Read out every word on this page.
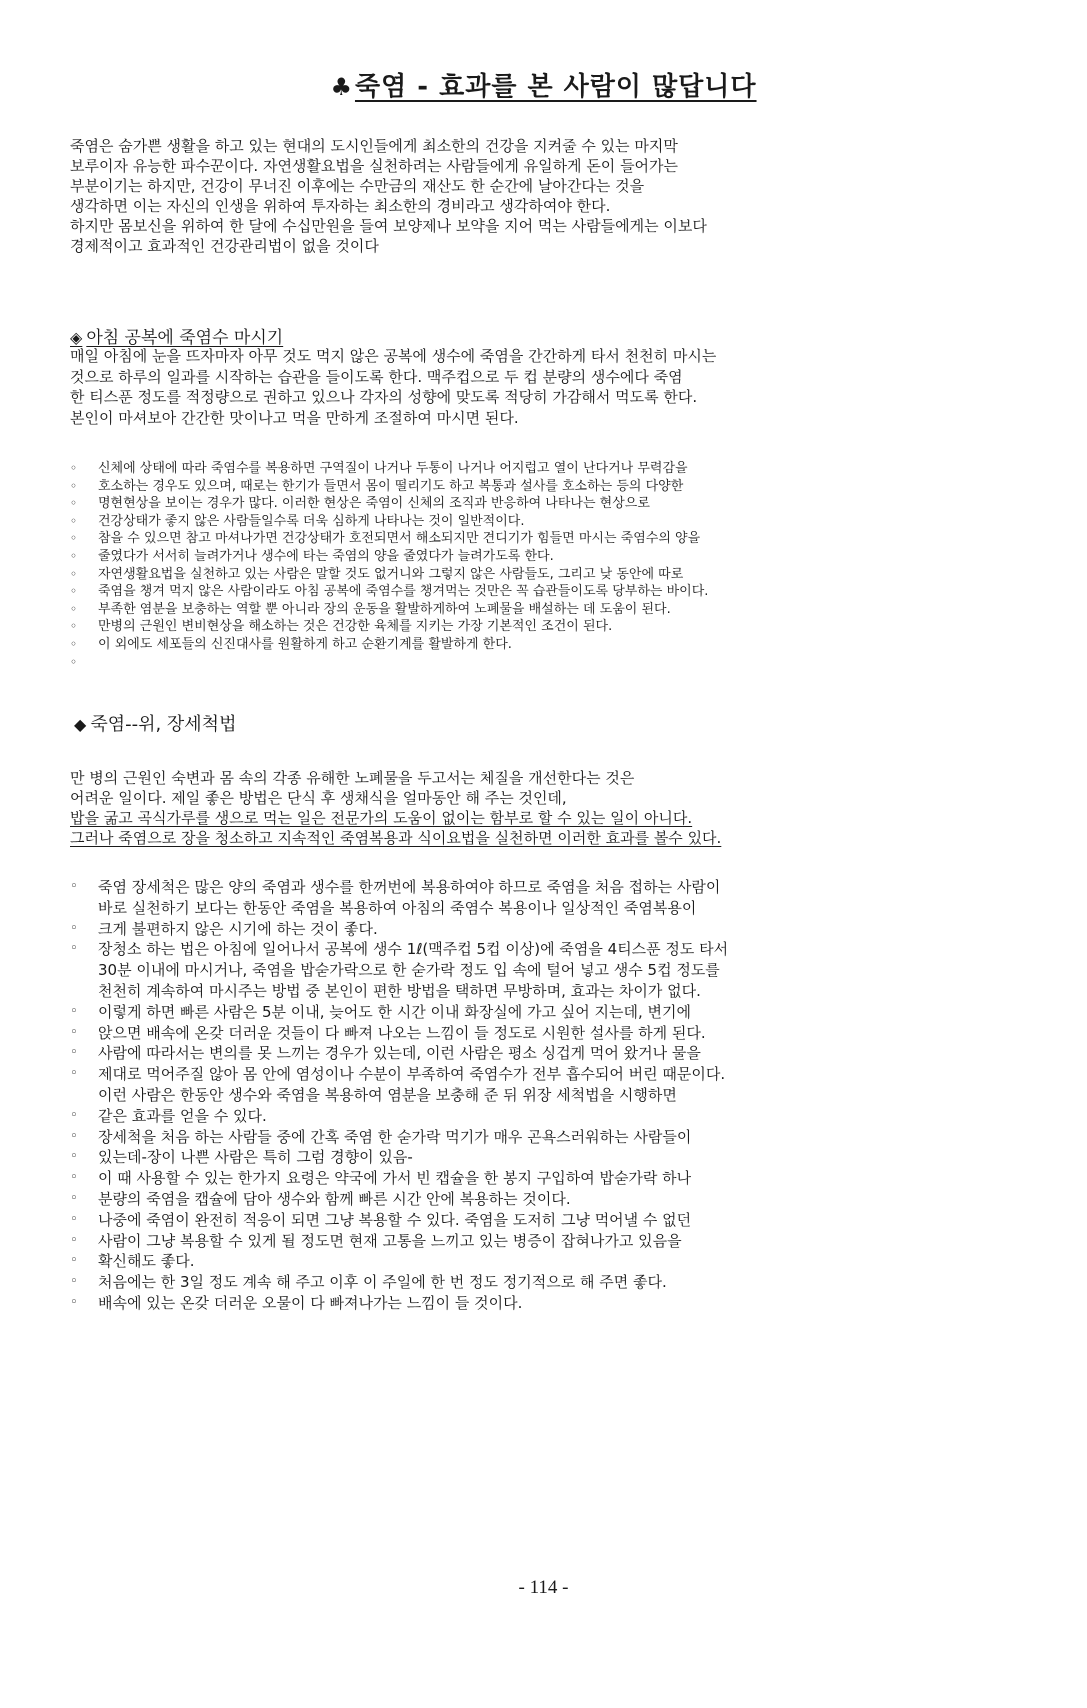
♣죽염 - 효과를 본 사람이 많답니다

죽염은 숨가쁜 생활을 하고 있는 현대의 도시인들에게 최소한의 건강을 지켜줄 수 있는 마지막

보루이자 유능한 파수꾼이다. 자연생활요법을 실천하려는 사람들에게 유일하게 돈이 들어가는

부분이기는 하지만, 건강이 무너진 이후에는 수만금의 재산도 한 순간에 날아간다는 것을

생각하면 이는 자신의 인생을 위하여 투자하는 최소한의 경비라고 생각하여야 한다.

하지만 몸보신을 위하여 한 달에 수십만원을 들여 보양제나 보약을 지어 먹는 사람들에게는 이보다

경제적이고 효과적인 건강관리법이 없을 것이다

◈ 아침 공복에 죽염수 마시기

매일 아침에 눈을 뜨자마자 아무 것도 먹지 않은 공복에 생수에 죽염을 간간하게 타서 천천히 마시는

것으로 하루의 일과를 시작하는 습관을 들이도록 한다. 맥주컵으로 두 컵 분량의 생수에다 죽염

한 티스푼 정도를 적정량으로 권하고 있으나 각자의 성향에 맞도록 적당히 가감해서 먹도록 한다.

본인이 마셔보아 간간한 맛이나고 먹을 만하게 조절하여 마시면 된다.

◦ 신체에 상태에 따라 죽염수를 복용하면 구역질이 나거나 두통이 나거나 어지럽고 열이 난다거나 무력감을
◦ 호소하는 경우도 있으며, 때로는 한기가 들면서 몸이 떨리기도 하고 복통과 설사를 호소하는 등의 다양한
◦ 명현현상을 보이는 경우가 많다. 이러한 현상은 죽염이 신체의 조직과 반응하여 나타나는 현상으로
◦ 건강상태가 좋지 않은 사람들일수록 더욱 심하게 나타나는 것이 일반적이다.
◦ 참을 수 있으면 참고 마셔나가면 건강상태가 호전되면서 해소되지만 견디기가 힘들면 마시는 죽염수의 양을
◦ 줄였다가 서서히 늘려가거나 생수에 타는 죽염의 양을 줄였다가 늘려가도록 한다.
◦ 자연생활요법을 실천하고 있는 사람은 말할 것도 없거니와 그렇지 않은 사람들도, 그리고 낮 동안에 따로
◦ 죽염을 챙겨 먹지 않은 사람이라도 아침 공복에 죽염수를 챙겨먹는 것만은 꼭 습관들이도록 당부하는 바이다.
◦ 부족한 염분을 보충하는 역할 뿐 아니라 장의 운동을 활발하게하여 노폐물을 배설하는 데 도움이 된다.
◦ 만병의 근원인 변비현상을 해소하는 것은 건강한 육체를 지키는 가장 기본적인 조건이 된다.
◦ 이 외에도 세포들의 신진대사를 원활하게 하고 순환기계를 활발하게 한다.
◆ 죽염--위, 장세척법

만 병의 근원인 숙변과 몸 속의 각종 유해한 노폐물을 두고서는 체질을 개선한다는 것은

어려운 일이다. 제일 좋은 방법은 단식 후 생채식을 얼마동안 해 주는 것인데,

밥을 굶고 곡식가루를 생으로 먹는 일은 전문가의 도움이 없이는 함부로 할 수 있는 일이 아니다.

그러나 죽염으로 장을 청소하고 지속적인 죽염복용과 식이요법을 실천하면 이러한 효과를 볼수 있다.

◦ 죽염 장세척은 많은 양의 죽염과 생수를 한꺼번에 복용하여야 하므로 죽염을 처음 접하는 사람이
바로 실천하기 보다는 한동안 죽염을 복용하여 아침의 죽염수 복용이나 일상적인 죽염복용이
◦ 크게 불편하지 않은 시기에 하는 것이 좋다.
◦ 장청소 하는 법은 아침에 일어나서 공복에 생수 1ℓ(맥주컵 5컵 이상)에 죽염을 4티스푼 정도 타서
30분 이내에 마시거나, 죽염을 밥숟가락으로 한 숟가락 정도 입 속에 털어 넣고 생수 5컵 정도를
천천히 계속하여 마시주는 방법 중 본인이 편한 방법을 택하면 무방하며, 효과는 차이가 없다.
◦ 이렇게 하면 빠른 사람은 5분 이내, 늦어도 한 시간 이내 화장실에 가고 싶어 지는데, 변기에
◦ 앉으면 배속에 온갖 더러운 것들이 다 빠져 나오는 느낌이 들 정도로 시원한 설사를 하게 된다.
◦ 사람에 따라서는 변의를 못 느끼는 경우가 있는데, 이런 사람은 평소 싱겁게 먹어 왔거나 물을
◦ 제대로 먹어주질 않아 몸 안에 염성이나 수분이 부족하여 죽염수가 전부 흡수되어 버린 때문이다.
이런 사람은 한동안 생수와 죽염을 복용하여 염분을 보충해 준 뒤 위장 세척법을 시행하면
◦ 같은 효과를 얻을 수 있다.
◦ 장세척을 처음 하는 사람들 중에 간혹 죽염 한 숟가락 먹기가 매우 곤욕스러워하는 사람들이
◦ 있는데-장이 나쁜 사람은 특히 그럼 경향이 있음-
◦ 이 때 사용할 수 있는 한가지 요령은 약국에 가서 빈 캡슐을 한 봉지 구입하여 밥숟가락 하나
◦ 분량의 죽염을 캡슐에 담아 생수와 함께 빠른 시간 안에 복용하는 것이다.
◦ 나중에 죽염이 완전히 적응이 되면 그냥 복용할 수 있다. 죽염을 도저히 그냥 먹어낼 수 없던
◦ 사람이 그냥 복용할 수 있게 될 정도면 현재 고통을 느끼고 있는 병증이 잡혀나가고 있음을
◦ 확신해도 좋다.
◦ 처음에는 한 3일 정도 계속 해 주고 이후 이 주일에 한 번 정도 정기적으로 해 주면 좋다.
◦ 배속에 있는 온갖 더러운 오물이 다 빠져나가는 느낌이 들 것이다.
- 114 -
